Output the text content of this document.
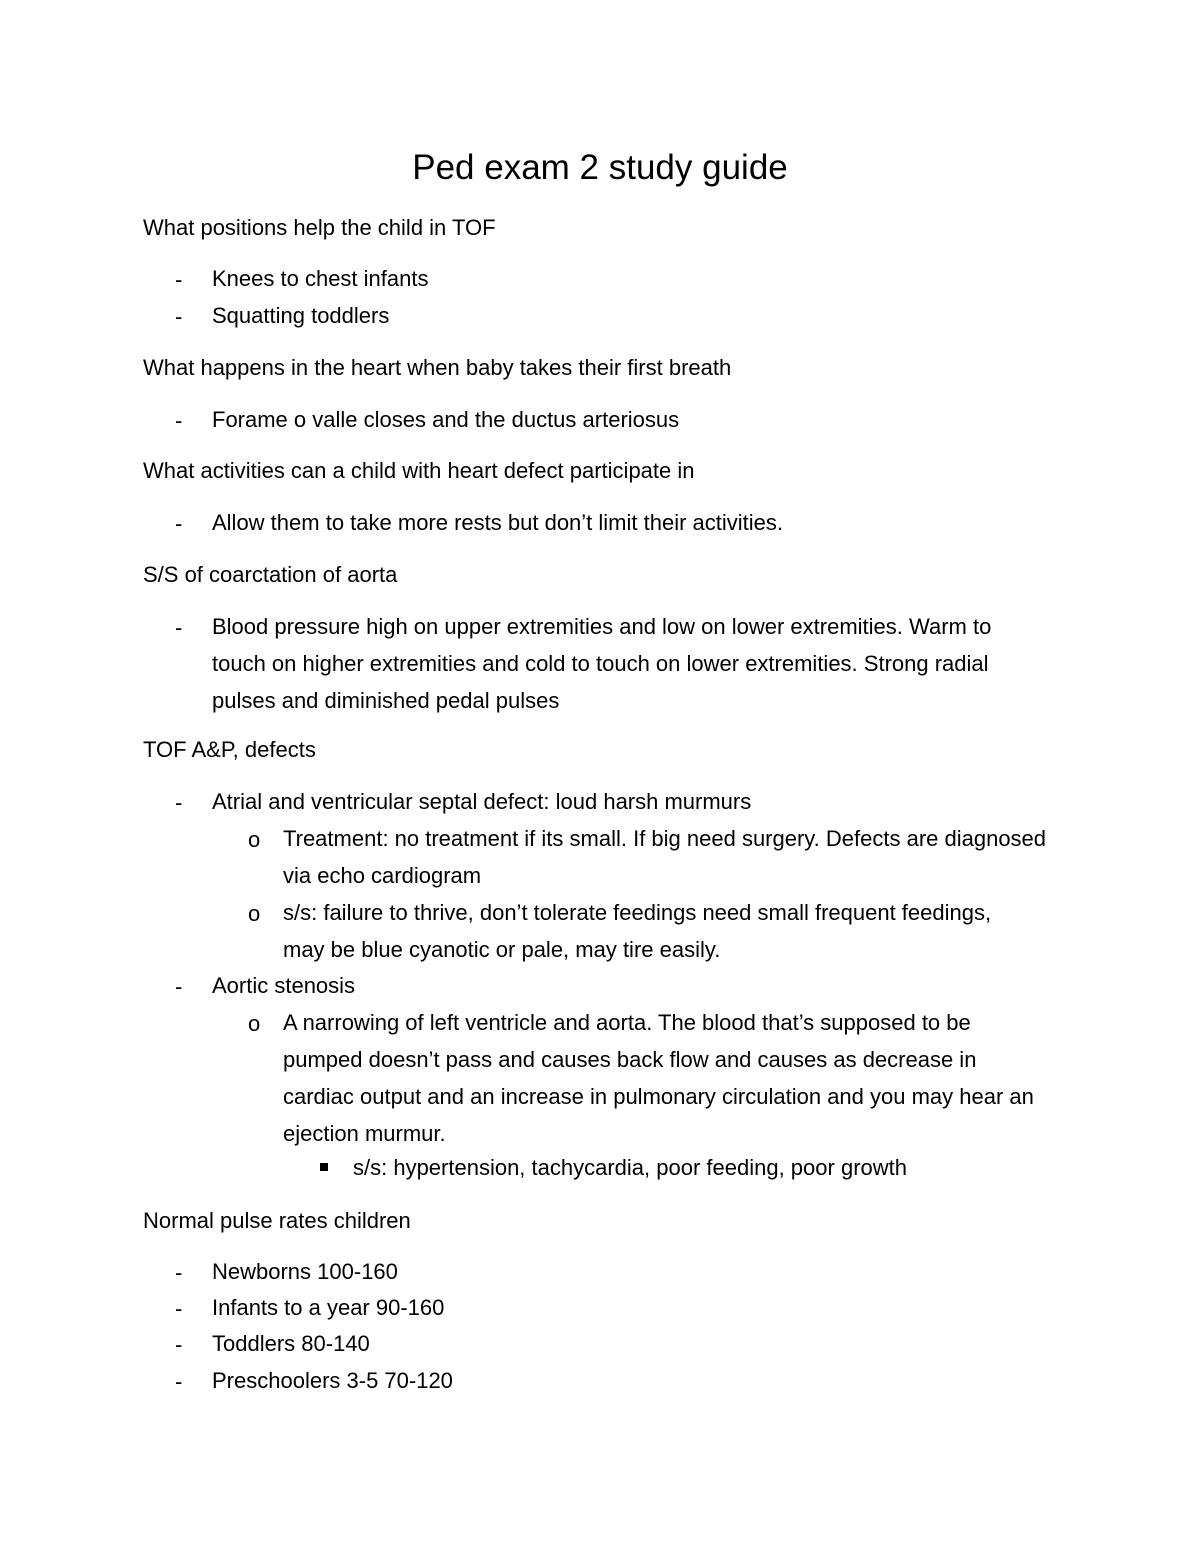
Ped exam 2 study guide
What positions help the child in TOF
- Knees to chest infants
- Squatting toddlers
What happens in the heart when baby takes their first breath
- Forame o valle closes and the ductus arteriosus
What activities can a child with heart defect participate in
- Allow them to take more rests but don’t limit their activities.
S/S of coarctation of aorta
- Blood pressure high on upper extremities and low on lower extremities. Warm to touch on higher extremities and cold to touch on lower extremities. Strong radial pulses and diminished pedal pulses
TOF A&P, defects
- Atrial and ventricular septal defect: loud harsh murmurs
o Treatment: no treatment if its small. If big need surgery. Defects are diagnosed via echo cardiogram
o s/s: failure to thrive, don’t tolerate feedings need small frequent feedings, may be blue cyanotic or pale, may tire easily.
- Aortic stenosis
o A narrowing of left ventricle and aorta. The blood that’s supposed to be pumped doesn’t pass and causes back flow and causes as decrease in cardiac output and an increase in pulmonary circulation and you may hear an ejection murmur.
s/s: hypertension, tachycardia, poor feeding, poor growth
Normal pulse rates children
- Newborns 100-160
- Infants to a year 90-160
- Toddlers 80-140
- Preschoolers 3-5 70-120
